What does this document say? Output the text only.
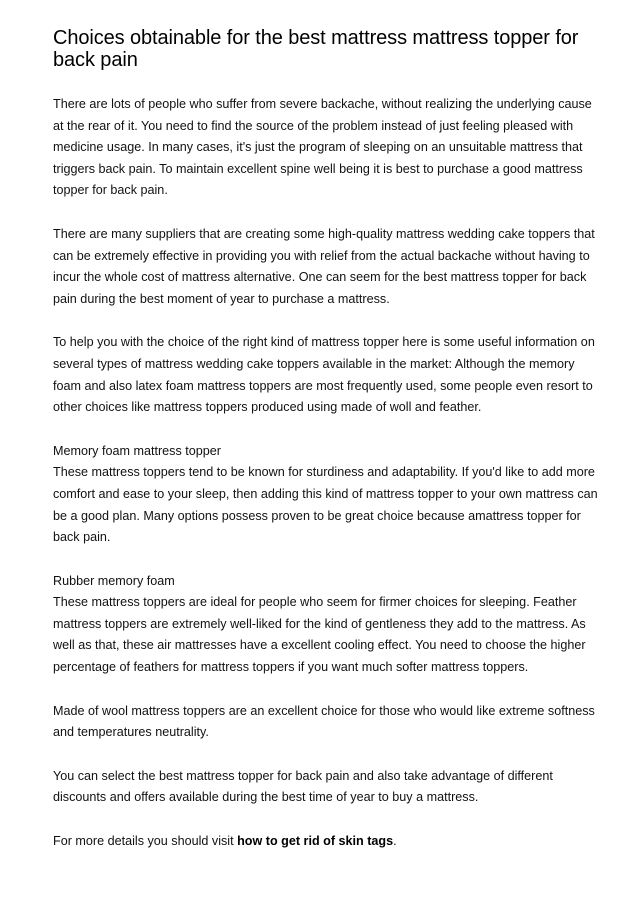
Choices obtainable for the best mattress mattress topper for back pain

There are lots of people who suffer from severe backache, without realizing the underlying cause at the rear of it. You need to find the source of the problem instead of just feeling pleased with medicine usage. In many cases, it's just the program of sleeping on an unsuitable mattress that triggers back pain. To maintain excellent spine well being it is best to purchase a good mattress topper for back pain.

There are many suppliers that are creating some high-quality mattress wedding cake toppers that can be extremely effective in providing you with relief from the actual backache without having to incur the whole cost of mattress alternative. One can seem for the best mattress topper for back pain during the best moment of year to purchase a mattress.

To help you with the choice of the right kind of mattress topper here is some useful information on several types of mattress wedding cake toppers available in the market: Although the memory foam and also latex foam mattress toppers are most frequently used, some people even resort to other choices like mattress toppers produced using made of woll and feather.

Memory foam mattress topper
These mattress toppers tend to be known for sturdiness and adaptability. If you'd like to add more comfort and ease to your sleep, then adding this kind of mattress topper to your own mattress can be a good plan. Many options possess proven to be great choice because amattress topper for back pain.

Rubber memory foam
These mattress toppers are ideal for people who seem for firmer choices for sleeping. Feather mattress toppers are extremely well-liked for the kind of gentleness they add to the mattress. As well as that, these air mattresses have a excellent cooling effect. You need to choose the higher percentage of feathers for mattress toppers if you want much softer mattress toppers.

Made of wool mattress toppers are an excellent choice for those who would like extreme softness and temperatures neutrality.

You can select the best mattress topper for back pain and also take advantage of different discounts and offers available during the best time of year to buy a mattress.

For more details you should visit how to get rid of skin tags.
